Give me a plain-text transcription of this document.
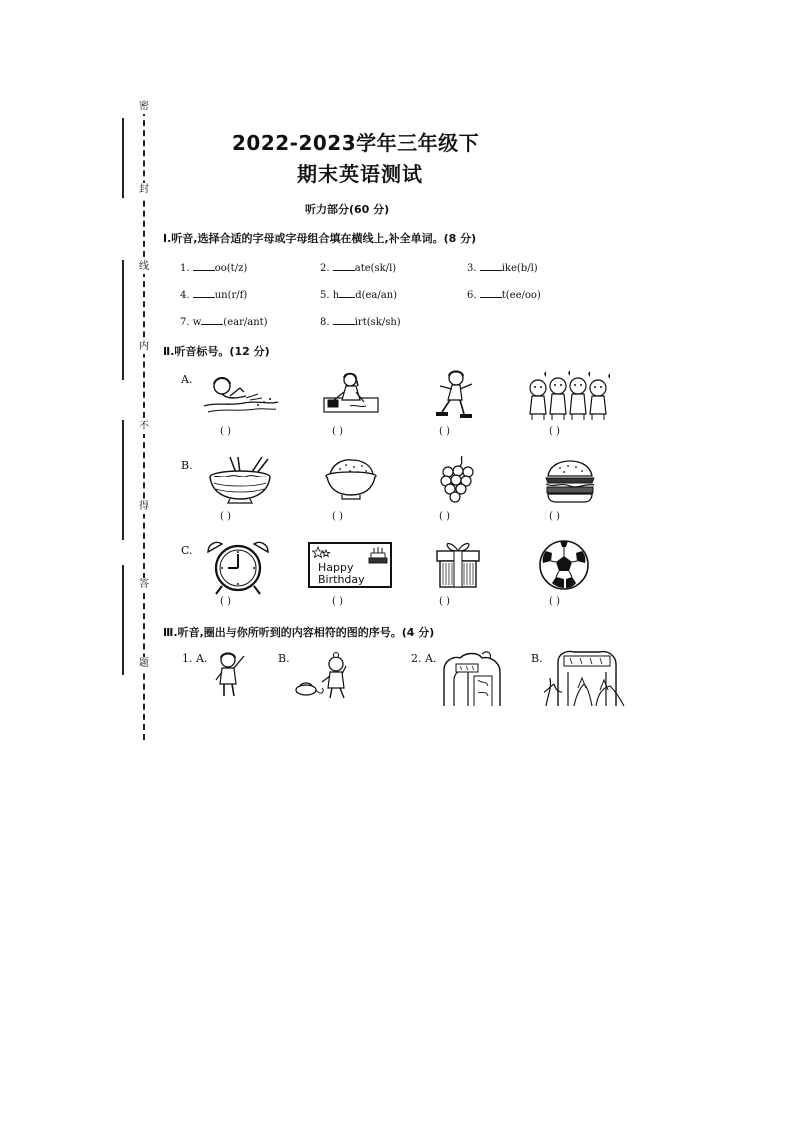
密
封
线
内
不
得
答
题
2022-2023学年三年级下
期末英语测试
听力部分(60 分)
Ⅰ.听音,选择合适的字母或字母组合填在横线上,补全单词。(8 分)
1.	oo(t/z)	2.	ate(sk/l)	3.	ike(b/l)
4.	un(r/f)	5. h d(ea/an)	6.	t(ee/oo)
7. w (ear/ant)	8.	irt(sk/sh)
Ⅱ.听音标号。(12 分)
A.
( )	( )	( )	( )
B.
( )	( )	( )	( )
C.
Happy
Birthday
( )	( )	( )	( )
Ⅲ.听音,圈出与你所听到的内容相符的图的序号。(4 分)
1. A.	B.	2. A.	B.
